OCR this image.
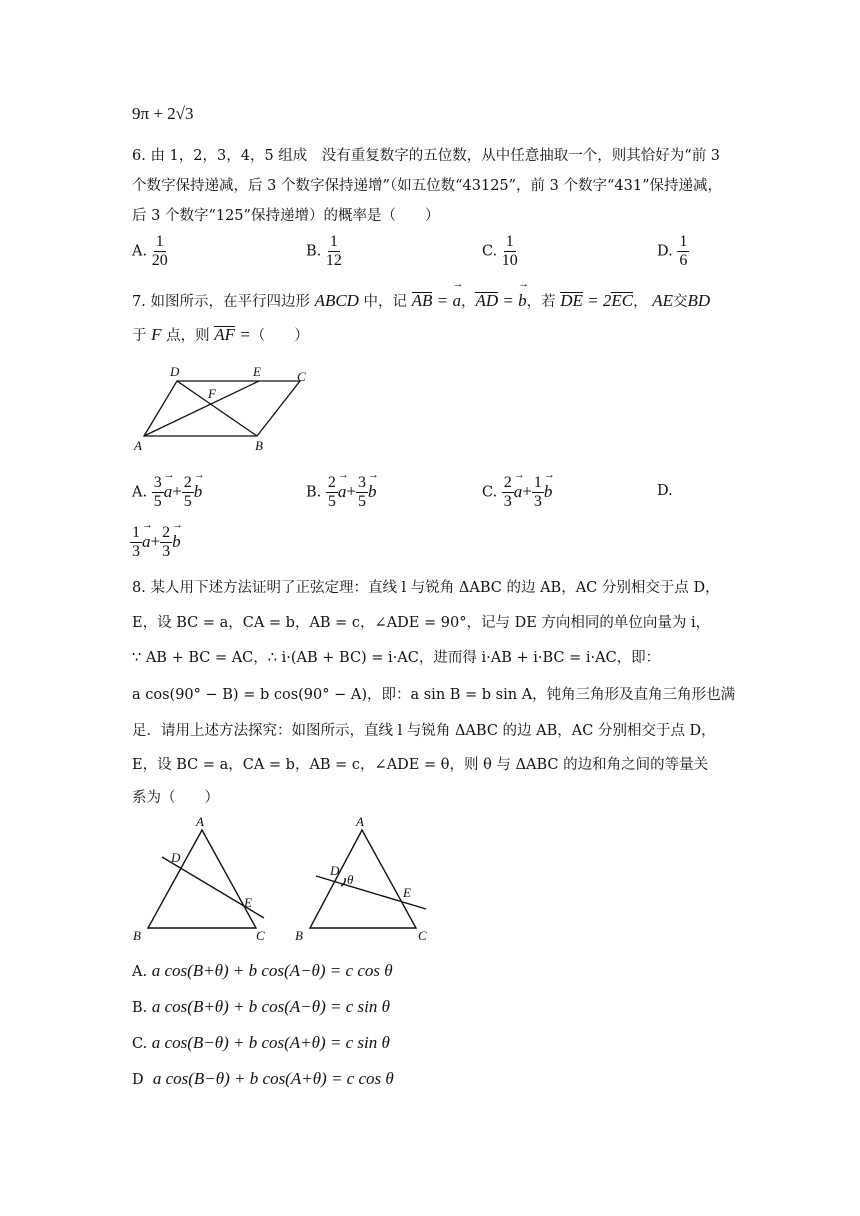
9π + 2√3
6. 由 1，2，3，4，5 组成　没有重复数字的五位数，从中任意抽取一个，则其恰好为“前 3
个数字保持递减，后 3 个数字保持递增”（如五位数“43125”，前 3 个数字“431”保持递减，
后 3 个数字“125”保持递增）的概率是（　　）
A. $\frac{1}{20}$	B. $\frac{1}{12}$	C. $\frac{1}{10}$	D. $\frac{1}{6}$
7. 如图所示，在平行四边形 ABCD 中，记 AB = → a，AD = → b，若 DE = 2EC， AE交BD
于 F 点，则 AF =（　　）
D	E	C
F
A	B
A. $\frac{3}{5}$
→ $a+ \frac{2}{5}$
→ b	B. $\frac{2}{5}$
→ $a+ \frac{3}{5}$
→ b	C. $\frac{2}{3}$
→ $a+ \frac{1}{3}$
→ b	D.
$\frac{1}{3}$
→ $a+ \frac{2}{3}$
→ b
8. 某人用下述方法证明了正弦定理：直线 l 与锐角 ΔABC 的边 AB，AC 分别相交于点 D，
E，设 BC = a，CA = b，AB = c，∠ADE = 90°，记与 DE 方向相同的单位向量为 i，
∵ AB + BC = AC，∴ i·(AB + BC) = i·AC，进而得 i·AB + i·BC = i·AC，即：
a cos(90° − B) = b cos(90° − A)，即：a sin B = b sin A，钝角三角形及直角三角形也满
足．请用上述方法探究：如图所示，直线 l 与锐角 ΔABC 的边 AB，AC 分别相交于点 D，
E，设 BC = a，CA = b，AB = c，∠ADE = θ，则 θ 与 ΔABC 的边和角之间的等量关
系为（　　）
A
D
E
B	C
A
D
θ
E
B	C
A. a cos(B+θ) + b cos(A−θ) = c cos θ
B. a cos(B+θ) + b cos(A−θ) = c sin θ
C. a cos(B−θ) + b cos(A+θ) = c sin θ
D a cos(B−θ) + b cos(A+θ) = c cos θ
